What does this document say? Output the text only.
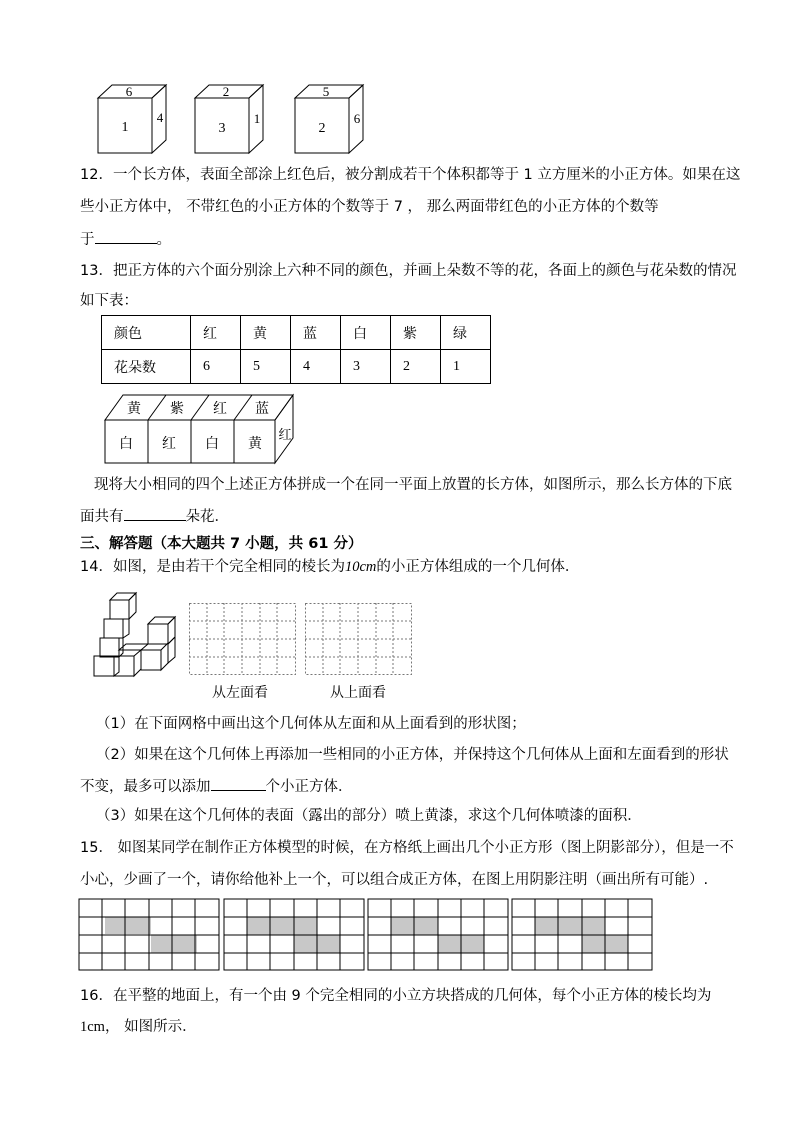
6
1
4
2
3
1
5
2
6
12．一个长方体，表面全部涂上红色后，被分割成若干个体积都等于 1 立方厘米的小正方体。如果在这
些小正方体中， 不带红色的小正方体的个数等于 7 ， 那么两面带红色的小正方体的个数等
于	。
13．把正方体的六个面分别涂上六种不同的颜色，并画上朵数不等的花，各面上的颜色与花朵数的情况
如下表：
颜色	红	黄	蓝	白	紫	绿
花朵数	6	5	4	3	2	1
黄 紫 红 蓝
白 红 白 黄
红
现将大小相同的四个上述正方体拼成一个在同一平面上放置的长方体，如图所示，那么长方体的下底
面共有	朵花．
三、解答题（本大题共 7 小题，共 61 分）
14．如图，是由若干个完全相同的棱长为10cm的小正方体组成的一个几何体．
从左面看	从上面看
（1）在下面网格中画出这个几何体从左面和从上面看到的形状图；
（2）如果在这个几何体上再添加一些相同的小正方体，并保持这个几何体从上面和左面看到的形状
不变，最多可以添加	个小正方体．
（3）如果在这个几何体的表面（露出的部分）喷上黄漆，求这个几何体喷漆的面积．
15． 如图某同学在制作正方体模型的时候，在方格纸上画出几个小正方形（图上阴影部分），但是一不
小心，少画了一个，请你给他补上一个，可以组合成正方体，在图上用阴影注明（画出所有可能）.
16．在平整的地面上，有一个由 9 个完全相同的小立方块搭成的几何体，每个小正方体的棱长均为
1cm， 如图所示．
